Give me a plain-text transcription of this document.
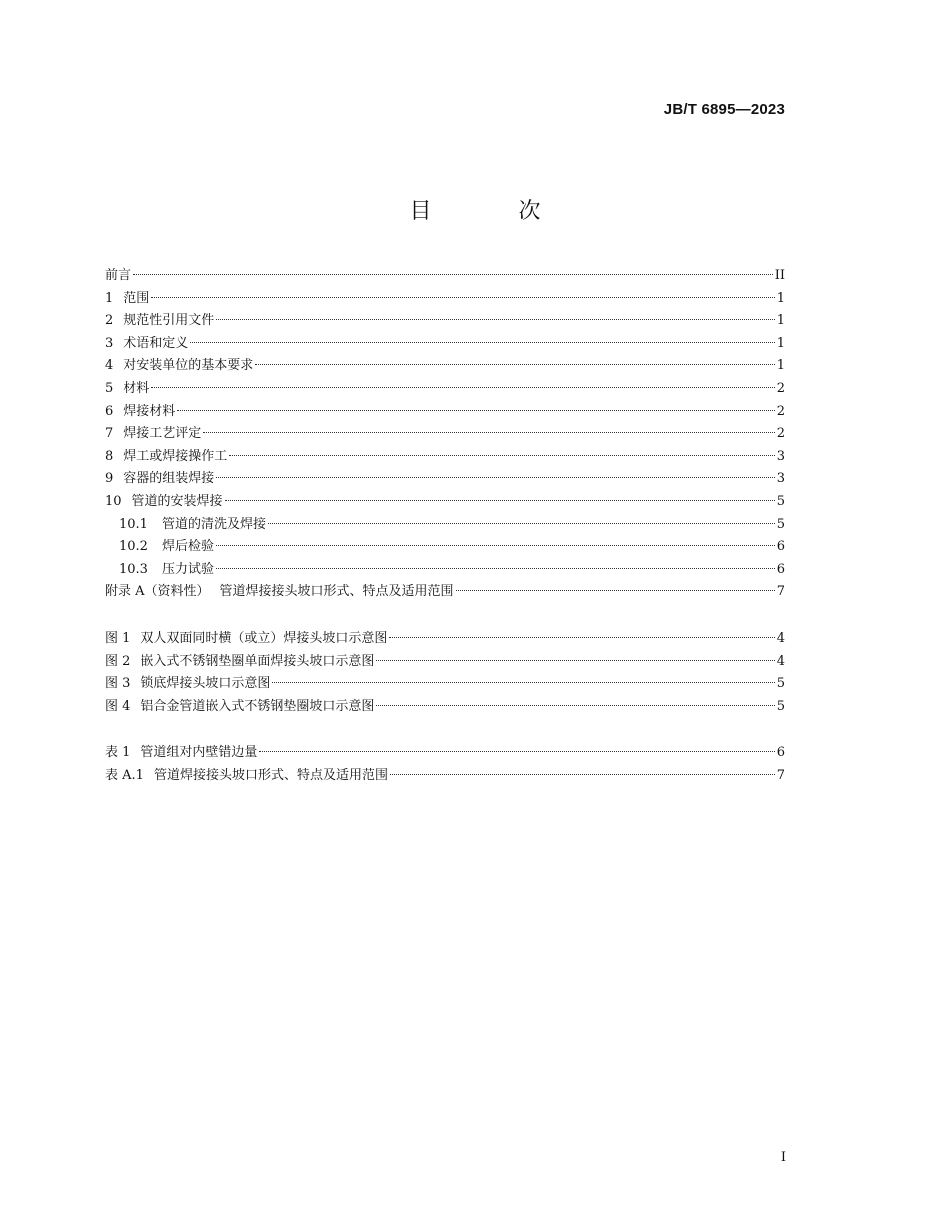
JB/T 6895—2023
目 次
前言	II
1 范围	1
2 规范性引用文件	1
3 术语和定义	1
4 对安装单位的基本要求	1
5 材料	2
6 焊接材料	2
7 焊接工艺评定	2
8 焊工或焊接操作工	3
9 容器的组装焊接	3
10 管道的安装焊接	5
10.1 管道的清洗及焊接	5
10.2 焊后检验	6
10.3 压力试验	6
附录 A（资料性） 管道焊接接头坡口形式、特点及适用范围	7
图 1 双人双面同时横（或立）焊接头坡口示意图	4
图 2 嵌入式不锈钢垫圈单面焊接头坡口示意图	4
图 3 锁底焊接头坡口示意图	5
图 4 铝合金管道嵌入式不锈钢垫圈坡口示意图	5
表 1 管道组对内壁错边量	6
表 A.1 管道焊接接头坡口形式、特点及适用范围	7
I
